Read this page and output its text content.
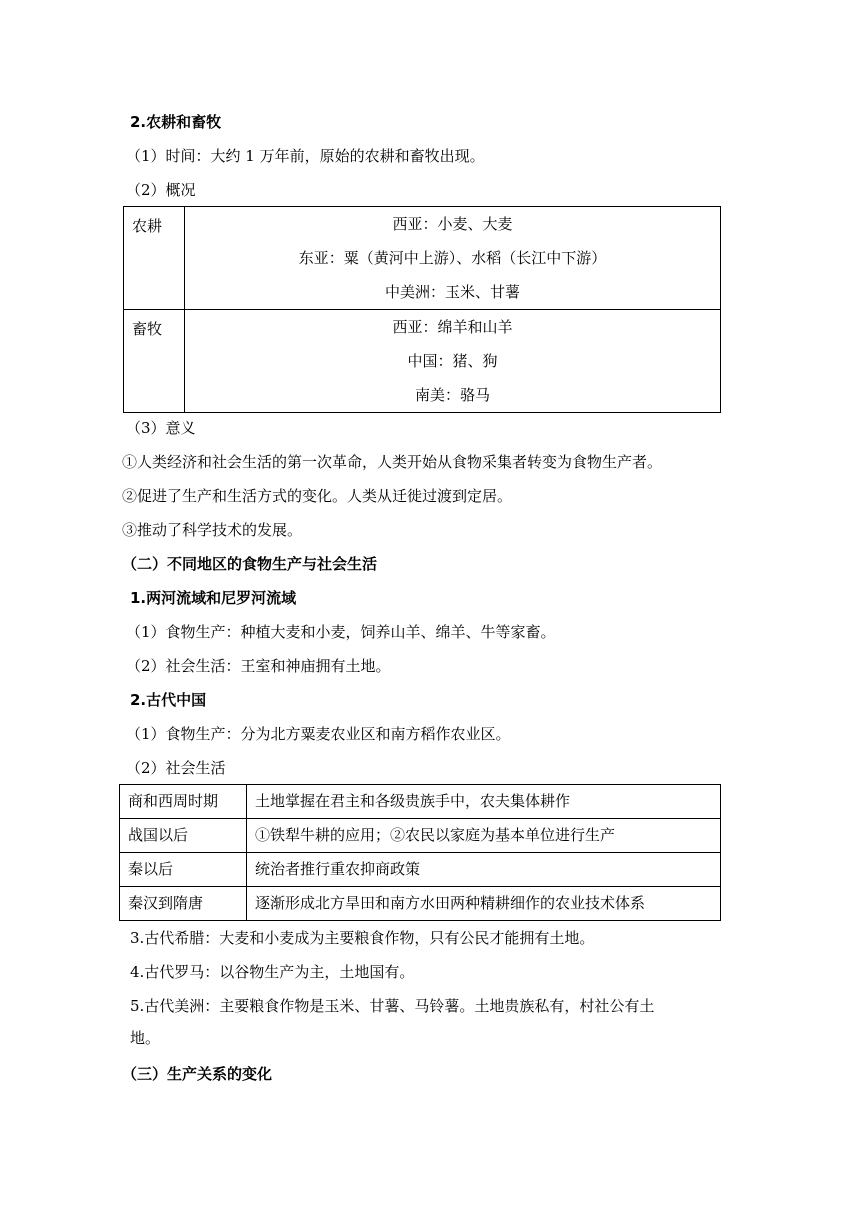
2.农耕和畜牧
（1）时间：大约 1 万年前，原始的农耕和畜牧出现。
（2）概况
农耕	西亚：小麦、大麦
东亚：粟（黄河中上游）、水稻（长江中下游）
中美洲：玉米、甘薯

畜牧	西亚：绵羊和山羊
中国：猪、狗
南美：骆马
（3）意义
①人类经济和社会生活的第一次革命，人类开始从食物采集者转变为食物生产者。
②促进了生产和生活方式的变化。人类从迁徙过渡到定居。
③推动了科学技术的发展。
（二）不同地区的食物生产与社会生活
1.两河流域和尼罗河流域
（1）食物生产：种植大麦和小麦，饲养山羊、绵羊、牛等家畜。
（2）社会生活：王室和神庙拥有土地。
2.古代中国
（1）食物生产：分为北方粟麦农业区和南方稻作农业区。
（2）社会生活
商和西周时期	土地掌握在君主和各级贵族手中，农夫集体耕作
战国以后	①铁犁牛耕的应用；②农民以家庭为基本单位进行生产
秦以后	统治者推行重农抑商政策
秦汉到隋唐	逐渐形成北方旱田和南方水田两种精耕细作的农业技术体系
3.古代希腊：大麦和小麦成为主要粮食作物，只有公民才能拥有土地。
4.古代罗马：以谷物生产为主，土地国有。
5.古代美洲：主要粮食作物是玉米、甘薯、马铃薯。土地贵族私有，村社公有土
地。
（三）生产关系的变化
